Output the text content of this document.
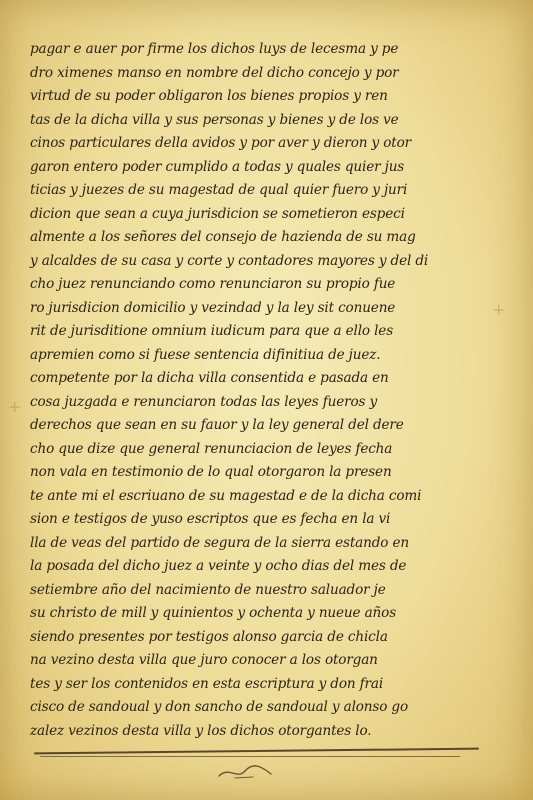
+
+
pagar e auer por firme los dichos luys de lecesma y pe
dro ximenes manso en nombre del dicho concejo y por
virtud de su poder obligaron los bienes propios y ren
tas de la dicha villa y sus personas y bienes y de los ve
cinos particulares della avidos y por aver y dieron y otor
garon entero poder cumplido a todas y quales quier jus
ticias y juezes de su magestad de qual quier fuero y juri
dicion que sean a cuya jurisdicion se sometieron especi
almente a los señores del consejo de hazienda de su mag
y alcaldes de su casa y corte y contadores mayores y del di
cho juez renunciando como renunciaron su propio fue
ro jurisdicion domicilio y vezindad y la ley sit conuene
rit de jurisditione omnium iudicum para que a ello les
apremien como si fuese sentencia difinitiua de juez.
competente por la dicha villa consentida e pasada en
cosa juzgada e renunciaron todas las leyes fueros y
derechos que sean en su fauor y la ley general del dere
cho que dize que general renunciacion de leyes fecha
non vala en testimonio de lo qual otorgaron la presen
te ante mi el escriuano de su magestad e de la dicha comi
sion e testigos de yuso escriptos que es fecha en la vi
lla de veas del partido de segura de la sierra estando en
la posada del dicho juez a veinte y ocho dias del mes de
setiembre año del nacimiento de nuestro saluador je
su christo de mill y quinientos y ochenta y nueue años
siendo presentes por testigos alonso garcia de chicla
na vezino desta villa que juro conocer a los otorgan
tes y ser los contenidos en esta escriptura y don frai
cisco de sandoual y don sancho de sandoual y alonso go
zalez vezinos desta villa y los dichos otorgantes lo.
